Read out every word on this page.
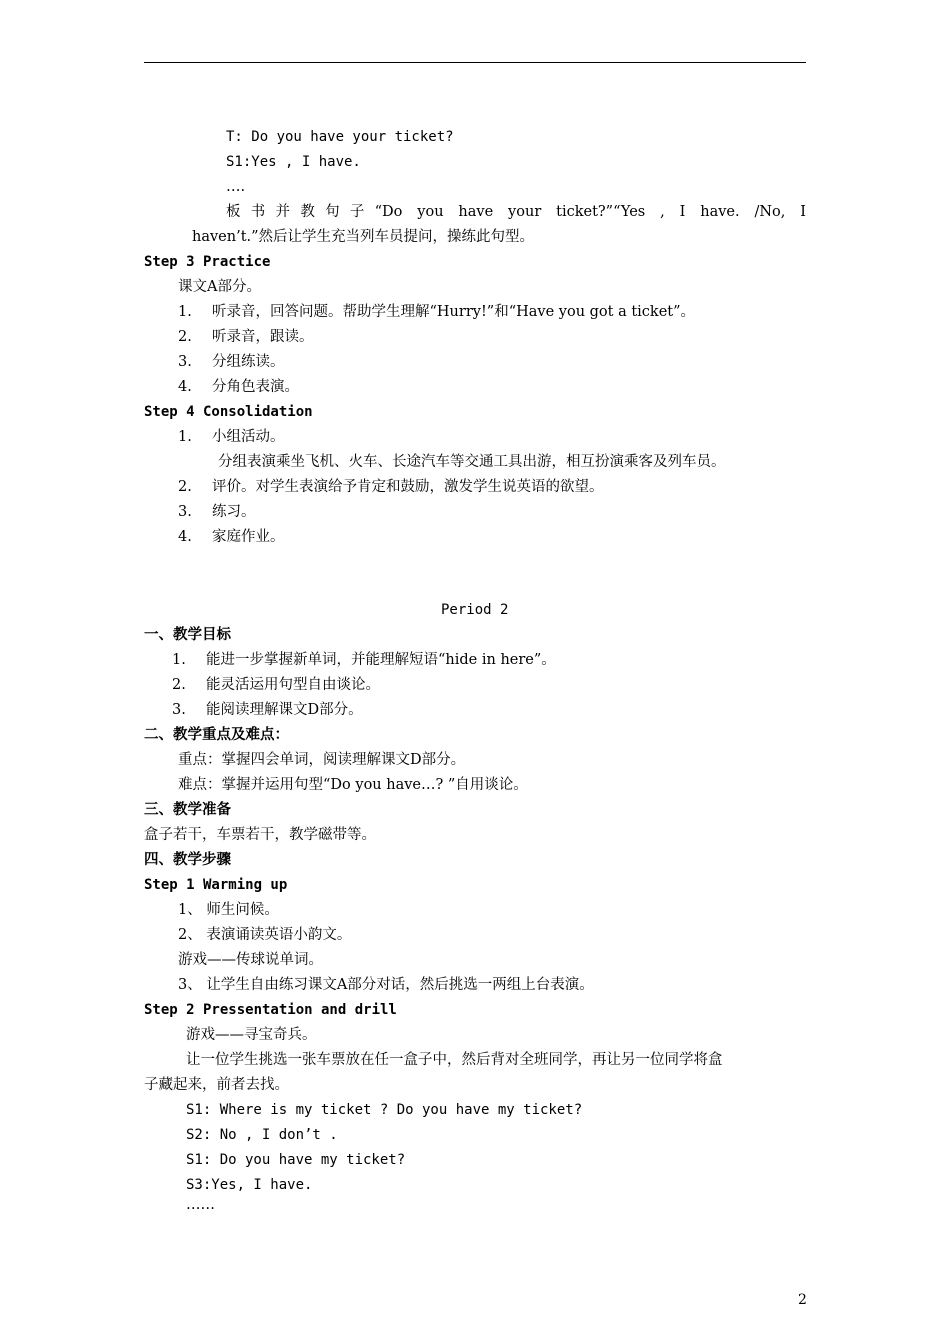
T: Do you have your ticket?
S1:Yes , I have.
….
板书并教句子“Do you have your ticket?”“Yes , I have. /No, I
haven’t.”然后让学生充当列车员提问，操练此句型。
Step 3 Practice
课文A部分。
1. 听录音，回答问题。帮助学生理解“Hurry!”和“Have you got a ticket”。
2. 听录音，跟读。
3. 分组练读。
4. 分角色表演。
Step 4 Consolidation
1. 小组活动。
分组表演乘坐飞机、火车、长途汽车等交通工具出游，相互扮演乘客及列车员。
2. 评价。对学生表演给予肯定和鼓励，激发学生说英语的欲望。
3. 练习。
4. 家庭作业。
Period 2
一、教学目标
1. 能进一步掌握新单词，并能理解短语“hide in here”。
2. 能灵活运用句型自由谈论。
3. 能阅读理解课文D部分。
二、教学重点及难点：
重点：掌握四会单词，阅读理解课文D部分。
难点：掌握并运用句型“Do you have…? ”自用谈论。
三、教学准备
盒子若干，车票若干，教学磁带等。
四、教学步骤
Step 1 Warming up
1、 师生问候。
2、 表演诵读英语小韵文。
游戏——传球说单词。
3、 让学生自由练习课文A部分对话，然后挑选一两组上台表演。
Step 2 Pressentation and drill
游戏——寻宝奇兵。
让一位学生挑选一张车票放在任一盒子中，然后背对全班同学，再让另一位同学将盒
子藏起来，前者去找。
S1: Where is my ticket ? Do you have my ticket?
S2: No , I don’t .
S1: Do you have my ticket?
S3:Yes, I have.
……
2
